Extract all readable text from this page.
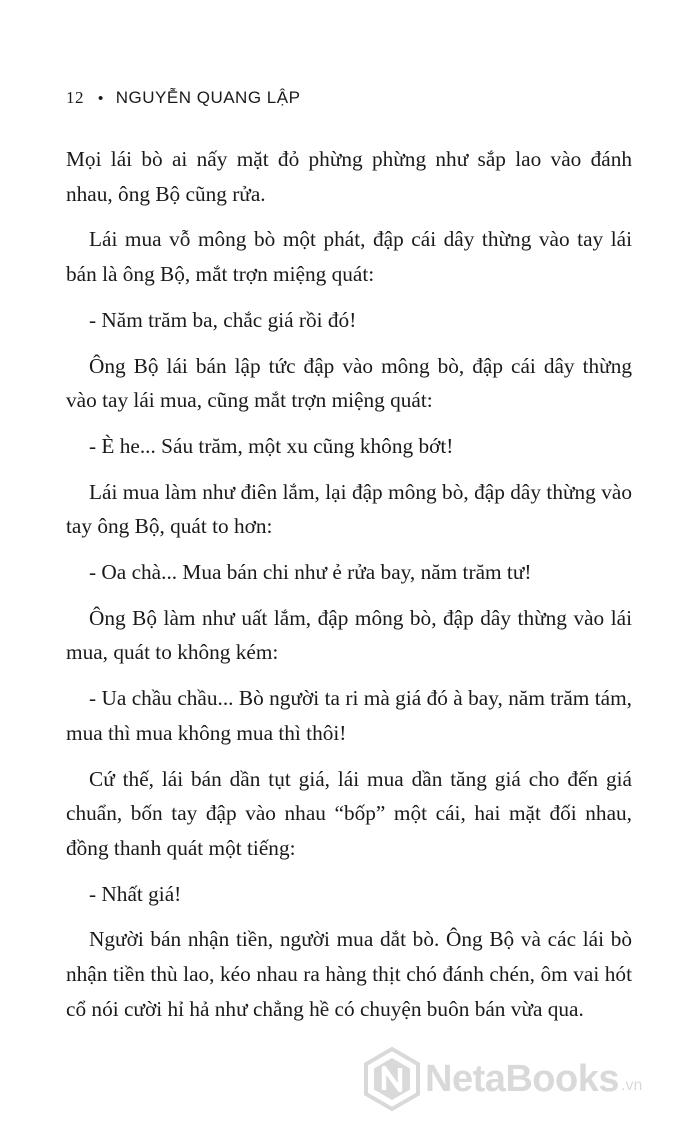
12 • NGUYỄN QUANG LẬP

Mọi lái bò ai nấy mặt đỏ phừng phừng như sắp lao vào đánh nhau, ông Bộ cũng rửa.

Lái mua vỗ mông bò một phát, đập cái dây thừng vào tay lái bán là ông Bộ, mắt trợn miệng quát:

- Năm trăm ba, chắc giá rồi đó!

Ông Bộ lái bán lập tức đập vào mông bò, đập cái dây thừng vào tay lái mua, cũng mắt trợn miệng quát:

- È he... Sáu trăm, một xu cũng không bớt!

Lái mua làm như điên lắm, lại đập mông bò, đập dây thừng vào tay ông Bộ, quát to hơn:

- Oa chà... Mua bán chi như ẻ rửa bay, năm trăm tư!

Ông Bộ làm như uất lắm, đập mông bò, đập dây thừng vào lái mua, quát to không kém:

- Ua chầu chầu... Bò người ta ri mà giá đó à bay, năm trăm tám, mua thì mua không mua thì thôi!

Cứ thế, lái bán dần tụt giá, lái mua dần tăng giá cho đến giá chuẩn, bốn tay đập vào nhau “bốp” một cái, hai mặt đối nhau, đồng thanh quát một tiếng:

- Nhất giá!

Người bán nhận tiền, người mua dắt bò. Ông Bộ và các lái bò nhận tiền thù lao, kéo nhau ra hàng thịt chó đánh chén, ôm vai hót cổ nói cười hỉ hả như chẳng hề có chuyện buôn bán vừa qua.

NetaBooks .vn
